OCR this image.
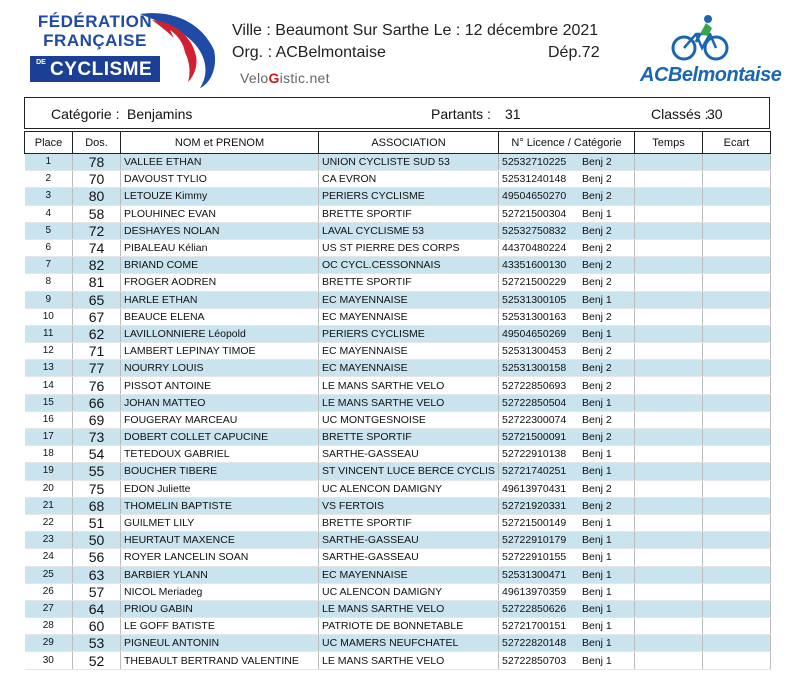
FÉDÉRATION
FRANÇAISE
DE CYCLISME
Ville : Beaumont Sur Sarthe Le : 12 décembre 2021
Org. : ACBelmontaise	Dép.72
VeloGistic.net	ACBelmontaise
Catégorie : Benjamins	Partants : 31	Classés :
30
Place	Dos.	NOM et PRENOM	ASSOCIATION	N° Licence / Catégorie	Temps	Ecart
1	78	VALLEE ETHAN	UNION CYCLISTE SUD 53	52532710225 Benj 2		
2	70	DAVOUST TYLIO	CA EVRON	52531240148 Benj 2		
3	80	LETOUZE Kimmy	PERIERS CYCLISME	49504650270 Benj 2		
4	58	PLOUHINEC EVAN	BRETTE SPORTIF	52721500304 Benj 1		
5	72	DESHAYES NOLAN	LAVAL CYCLISME 53	52532750832 Benj 2		
6	74	PIBALEAU Kélian	US ST PIERRE DES CORPS	44370480224 Benj 2		
7	82	BRIAND COME	OC CYCL.CESSONNAIS	43351600130 Benj 2		
8	81	FROGER AODREN	BRETTE SPORTIF	52721500229 Benj 2		
9	65	HARLE ETHAN	EC MAYENNAISE	52531300105 Benj 1		
10	67	BEAUCE ELENA	EC MAYENNAISE	52531300163 Benj 2		
11	62	LAVILLONNIERE Léopold	PERIERS CYCLISME	49504650269 Benj 1		
12	71	LAMBERT LEPINAY TIMOE	EC MAYENNAISE	52531300453 Benj 2		
13	77	NOURRY LOUIS	EC MAYENNAISE	52531300158 Benj 2		
14	76	PISSOT ANTOINE	LE MANS SARTHE VELO	52722850693 Benj 2		
15	66	JOHAN MATTEO	LE MANS SARTHE VELO	52722850504 Benj 1		
16	69	FOUGERAY MARCEAU	UC MONTGESNOISE	52722300074 Benj 2		
17	73	DOBERT COLLET CAPUCINE	BRETTE SPORTIF	52721500091 Benj 2		
18	54	TETEDOUX GABRIEL	SARTHE-GASSEAU	52722910138 Benj 1		
19	55	BOUCHER TIBERE	ST VINCENT LUCE BERCE CYCLIS	52721740251 Benj 1		
20	75	EDON Juliette	UC ALENCON DAMIGNY	49613970431 Benj 2		
21	68	THOMELIN BAPTISTE	VS FERTOIS	52721920331 Benj 2		
22	51	GUILMET LILY	BRETTE SPORTIF	52721500149 Benj 1		
23	50	HEURTAUT MAXENCE	SARTHE-GASSEAU	52722910179 Benj 1		
24	56	ROYER LANCELIN SOAN	SARTHE-GASSEAU	52722910155 Benj 1		
25	63	BARBIER YLANN	EC MAYENNAISE	52531300471 Benj 1		
26	57	NICOL Meriadeg	UC ALENCON DAMIGNY	49613970359 Benj 1		
27	64	PRIOU GABIN	LE MANS SARTHE VELO	52722850626 Benj 1		
28	60	LE GOFF BATISTE	PATRIOTE DE BONNETABLE	52721700151 Benj 1		
29	53	PIGNEUL ANTONIN	UC MAMERS NEUFCHATEL	52722820148 Benj 1		
30	52	THEBAULT BERTRAND VALENTINE	LE MANS SARTHE VELO	52722850703 Benj 1		
